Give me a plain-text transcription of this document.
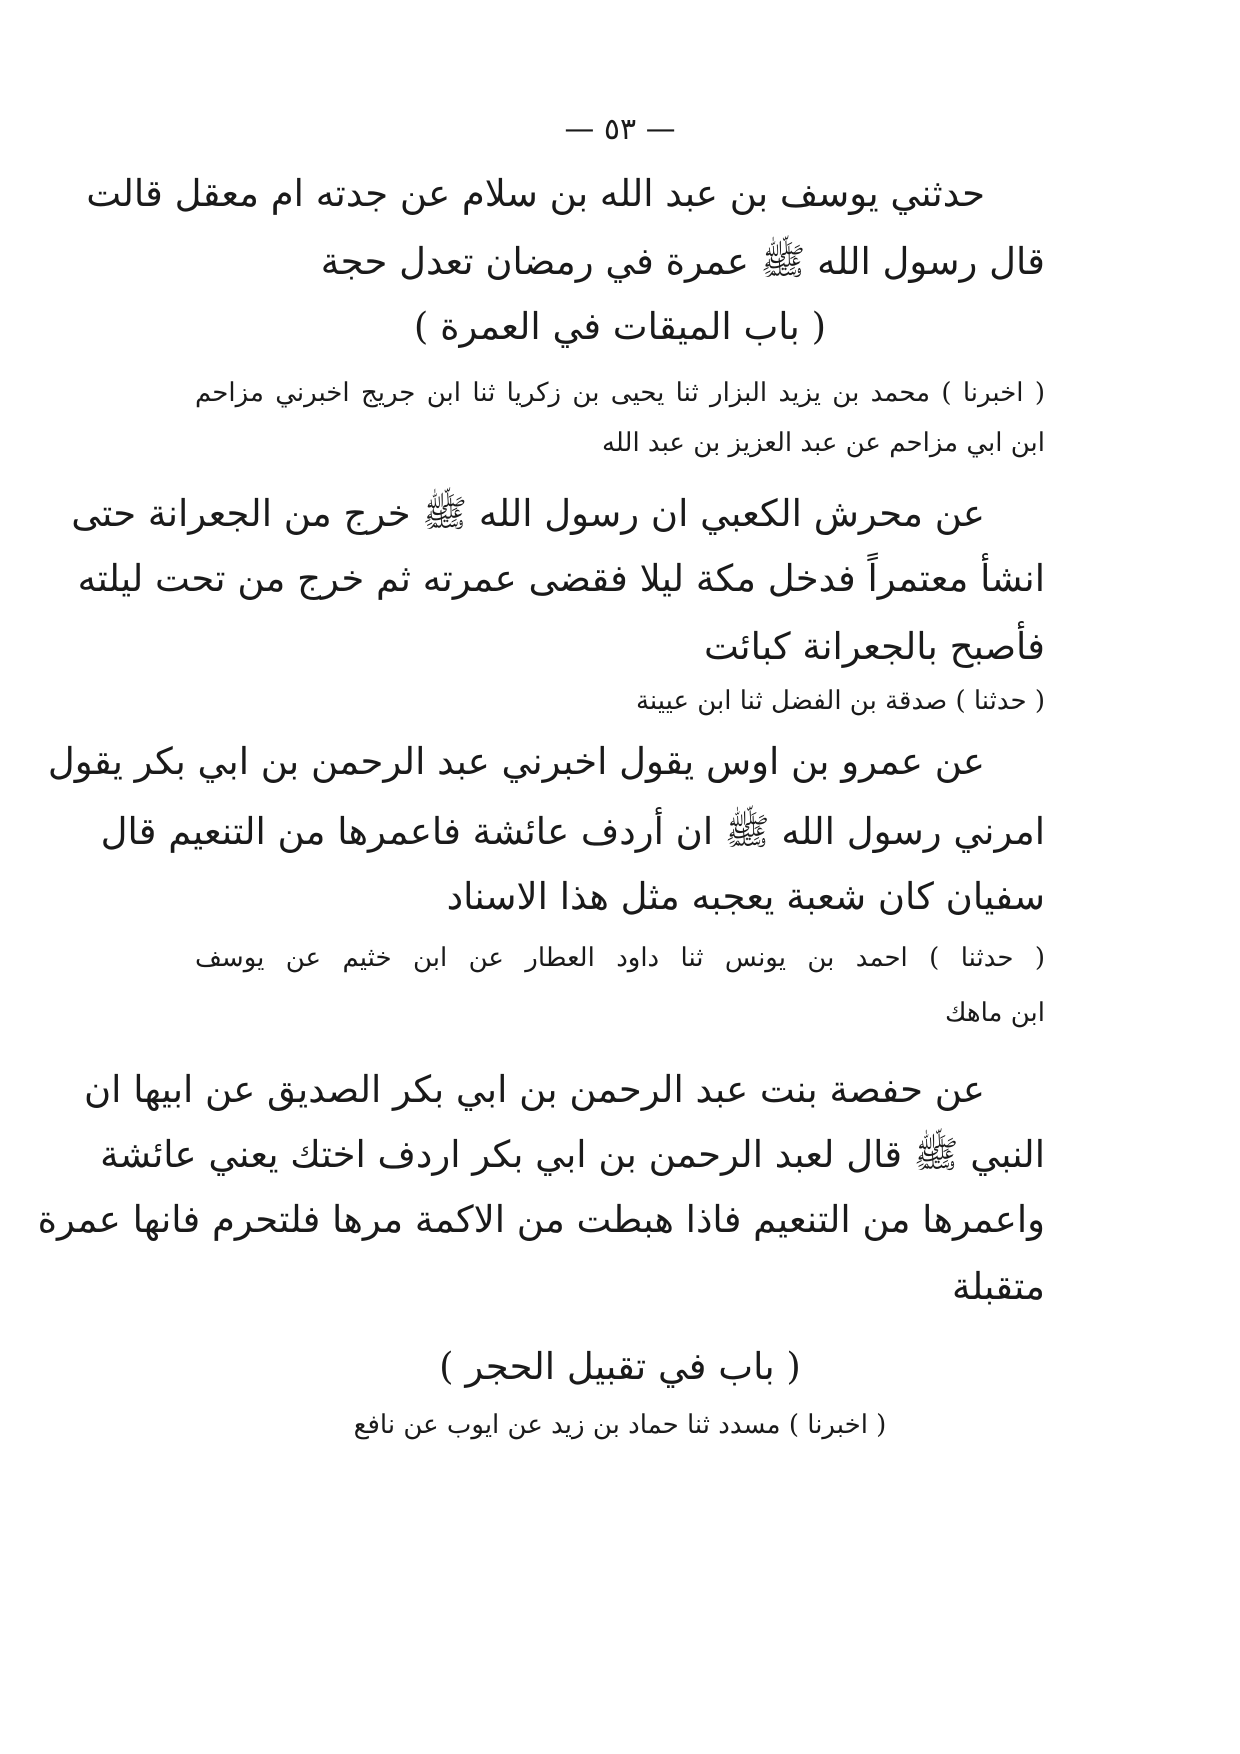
— ٥٣ —
حدثني يوسف بن عبد الله بن سلام عن جدته ام معقل قالت
قال رسول الله ﷺ عمرة في رمضان تعدل حجة
( باب الميقات في العمرة )
( اخبرنا ) محمد بن يزيد البزار ثنا يحيى بن زكريا ثنا ابن جريج اخبرني مزاحم
ابن ابي مزاحم عن عبد العزيز بن عبد الله
عن محرش الكعبي ان رسول الله ﷺ خرج من الجعرانة حتى
انشأ معتمراً فدخل مكة ليلا فقضى عمرته ثم خرج من تحت ليلته
فأصبح بالجعرانة كبائت
( حدثنا ) صدقة بن الفضل ثنا ابن عيينة
عن عمرو بن اوس يقول اخبرني عبد الرحمن بن ابي بكر يقول
امرني رسول الله ﷺ ان أردف عائشة فاعمرها من التنعيم قال
سفيان كان شعبة يعجبه مثل هذا الاسناد
( حدثنا ) احمد بن يونس ثنا داود العطار عن ابن خثيم عن يوسف
ابن ماهك
عن حفصة بنت عبد الرحمن بن ابي بكر الصديق عن ابيها ان
النبي ﷺ قال لعبد الرحمن بن ابي بكر اردف اختك يعني عائشة
واعمرها من التنعيم فاذا هبطت من الاكمة مرها فلتحرم فانها عمرة
متقبلة
( باب في تقبيل الحجر )
( اخبرنا ) مسدد ثنا حماد بن زيد عن ايوب عن نافع
